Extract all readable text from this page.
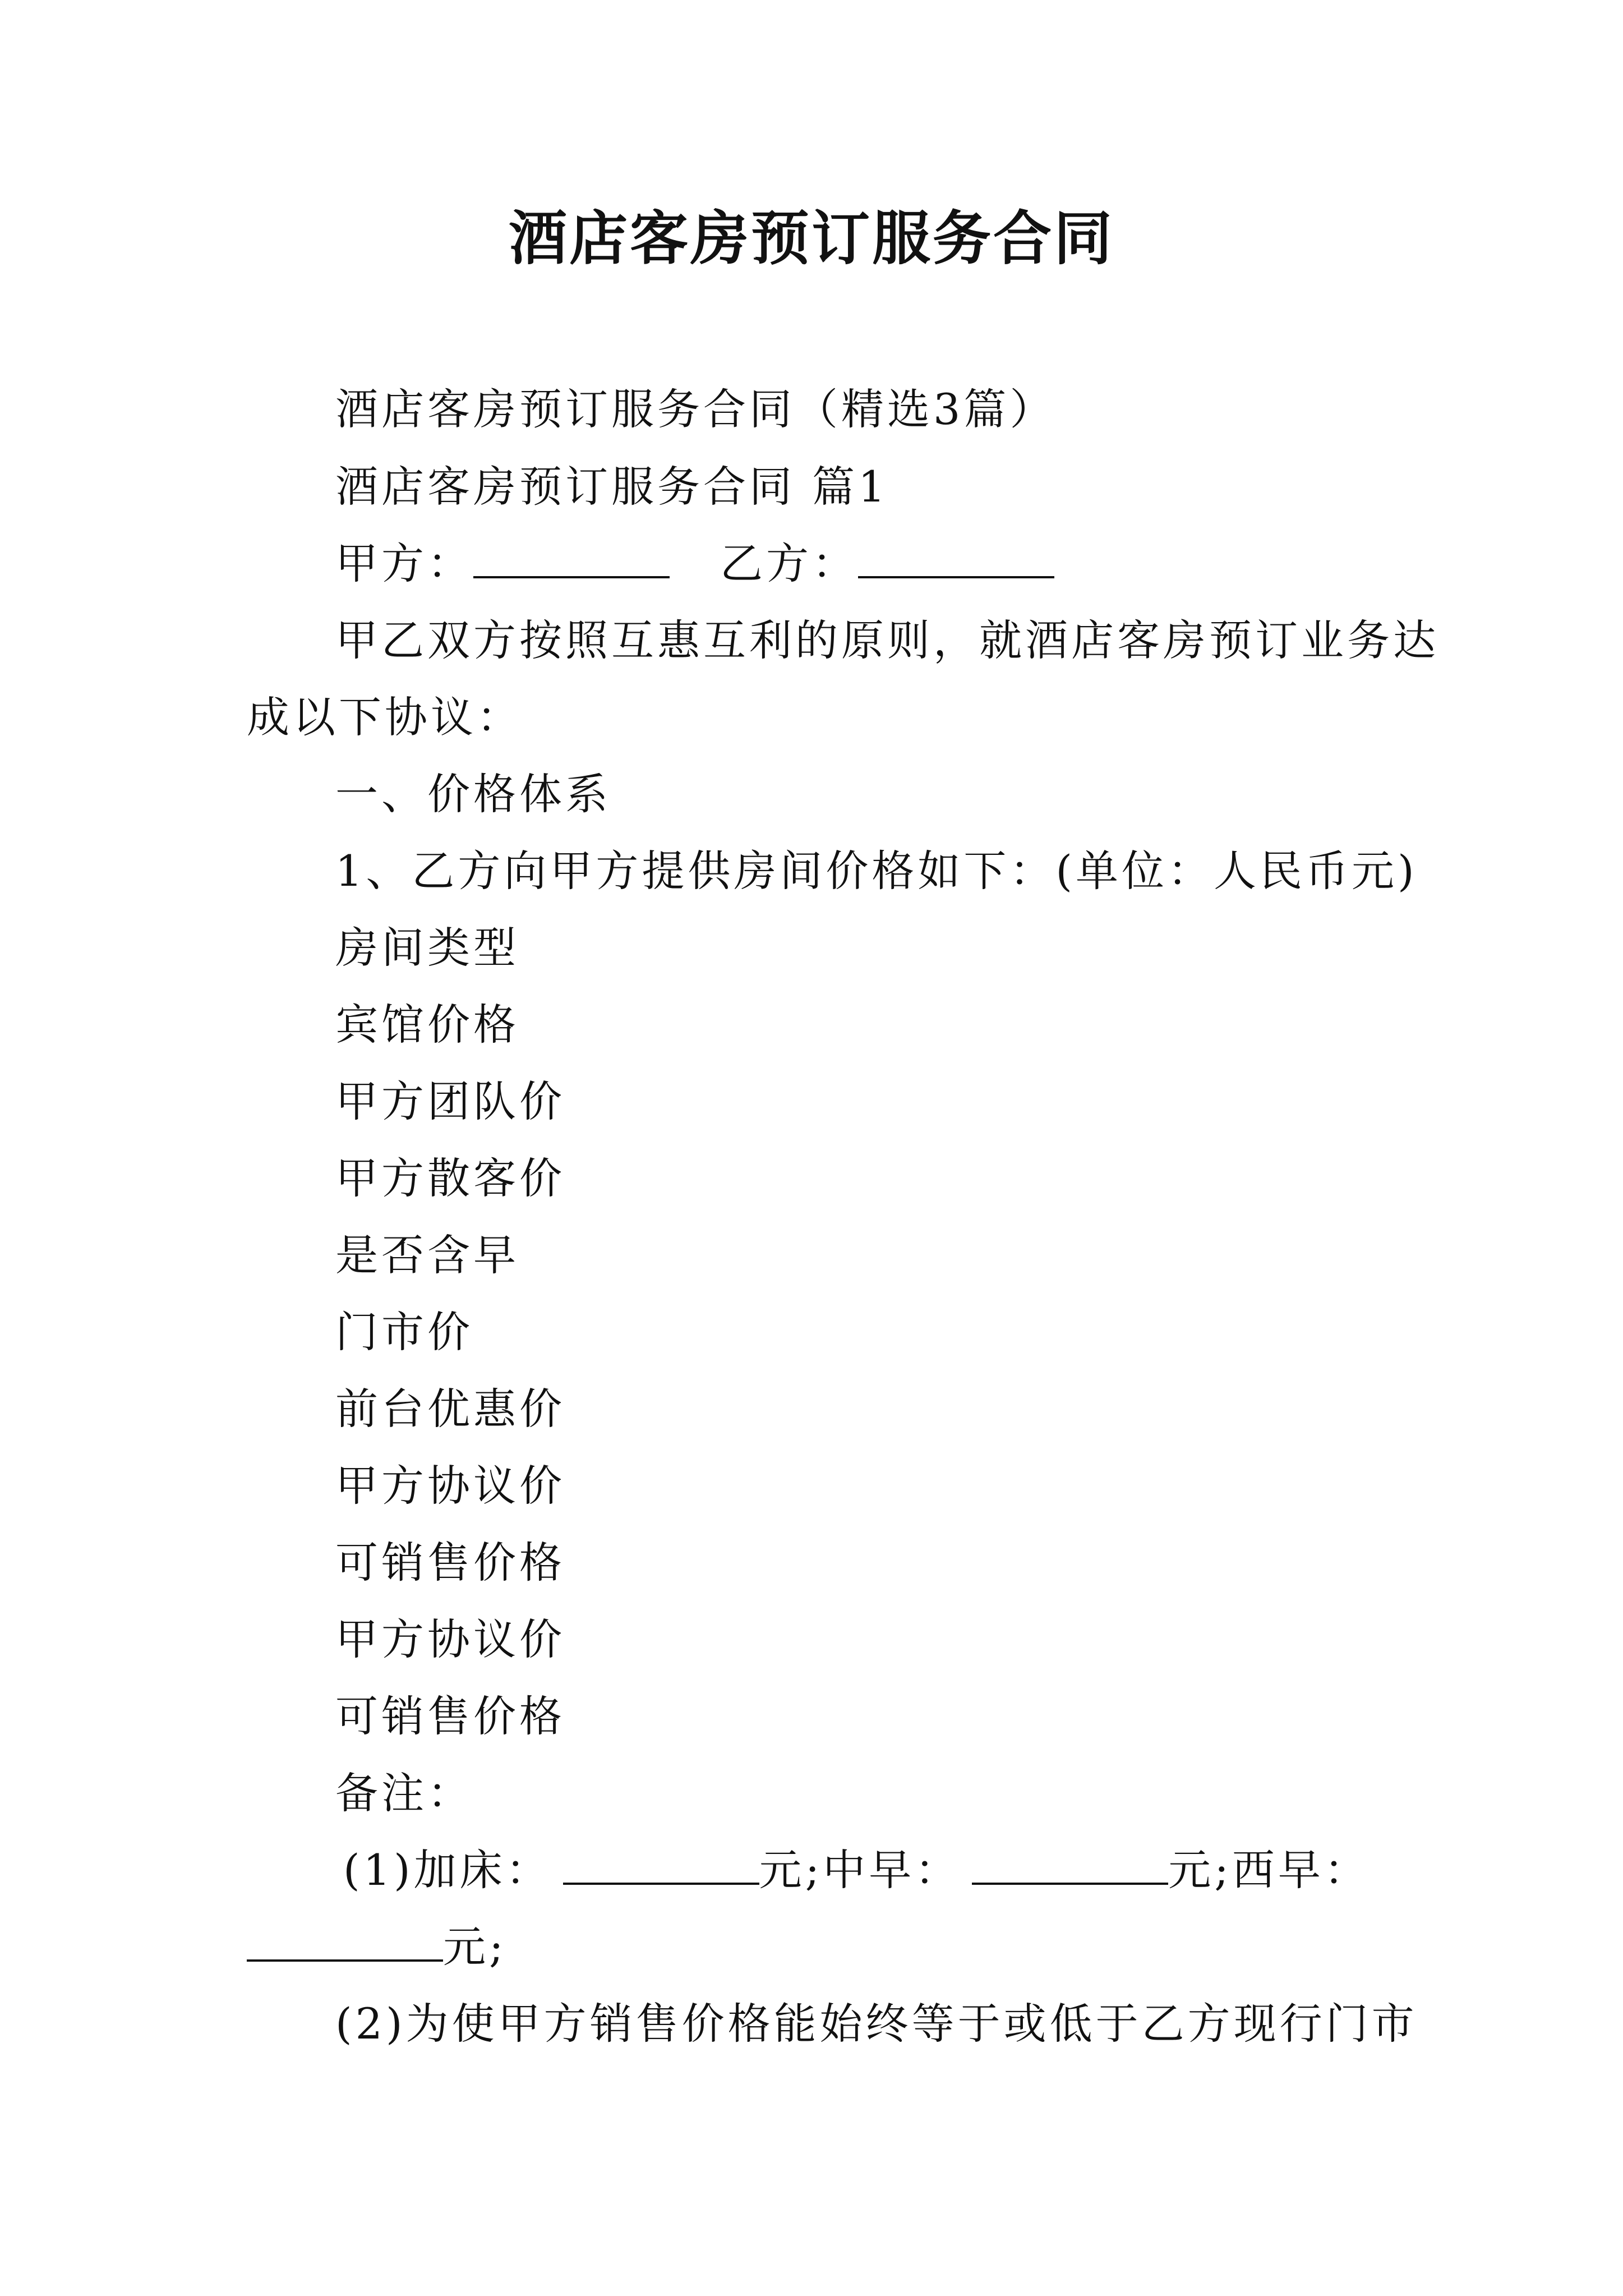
酒店客房预订服务合同
酒店客房预订服务合同（精选3篇）
酒店客房预订服务合同 篇1
甲方：	乙方：
甲乙双方按照互惠互利的原则，就酒店客房预订业务达
成以下协议：
一、价格体系
1、乙方向甲方提供房间价格如下：(单位：人民币元)
房间类型
宾馆价格
甲方团队价
甲方散客价
是否含早
门市价
前台优惠价
甲方协议价
可销售价格
甲方协议价
可销售价格
备注：
(1)加床：	元;中早：	元;西早：
元;
(2)为使甲方销售价格能始终等于或低于乙方现行门市
